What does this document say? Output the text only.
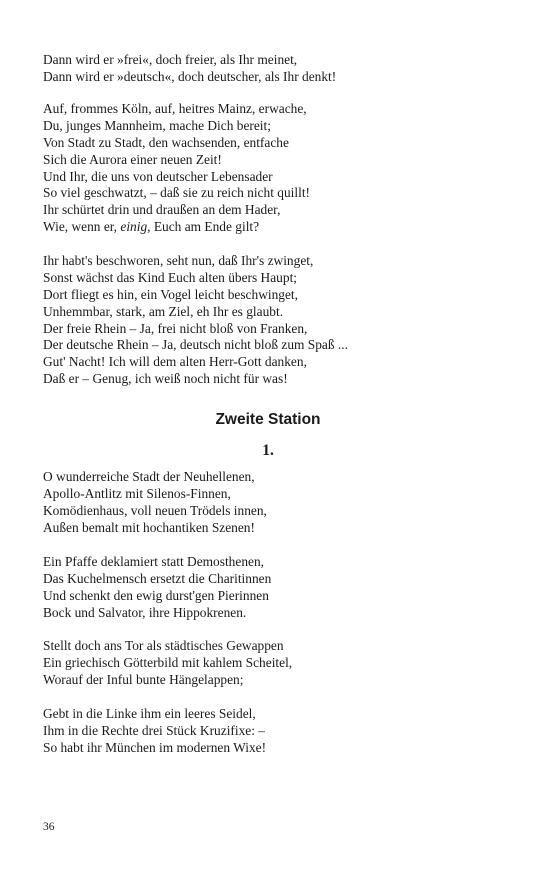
Dann wird er »frei«, doch freier, als Ihr meinet,
Dann wird er »deutsch«, doch deutscher, als Ihr denkt!
Auf, frommes Köln, auf, heitres Mainz, erwache,
Du, junges Mannheim, mache Dich bereit;
Von Stadt zu Stadt, den wachsenden, entfache
Sich die Aurora einer neuen Zeit!
Und Ihr, die uns von deutscher Lebensader
So viel geschwatzt, – daß sie zu reich nicht quillt!
Ihr schürtet drin und draußen an dem Hader,
Wie, wenn er, einig, Euch am Ende gilt?
Ihr habt's beschworen, seht nun, daß Ihr's zwinget,
Sonst wächst das Kind Euch alten übers Haupt;
Dort fliegt es hin, ein Vogel leicht beschwinget,
Unhemmbar, stark, am Ziel, eh Ihr es glaubt.
Der freie Rhein – Ja, frei nicht bloß von Franken,
Der deutsche Rhein – Ja, deutsch nicht bloß zum Spaß ...
Gut' Nacht! Ich will dem alten Herr-Gott danken,
Daß er – Genug, ich weiß noch nicht für was!
Zweite Station
1.
O wunderreiche Stadt der Neuhellenen,
Apollo-Antlitz mit Silenos-Finnen,
Komödienhaus, voll neuen Trödels innen,
Außen bemalt mit hochantiken Szenen!
Ein Pfaffe deklamiert statt Demosthenen,
Das Kuchelmensch ersetzt die Charitinnen
Und schenkt den ewig durst'gen Pierinnen
Bock und Salvator, ihre Hippokrenen.
Stellt doch ans Tor als städtisches Gewappen
Ein griechisch Götterbild mit kahlem Scheitel,
Worauf der Inful bunte Hängelappen;
Gebt in die Linke ihm ein leeres Seidel,
Ihm in die Rechte drei Stück Kruzifixe: –
So habt ihr München im modernen Wixe!
36
